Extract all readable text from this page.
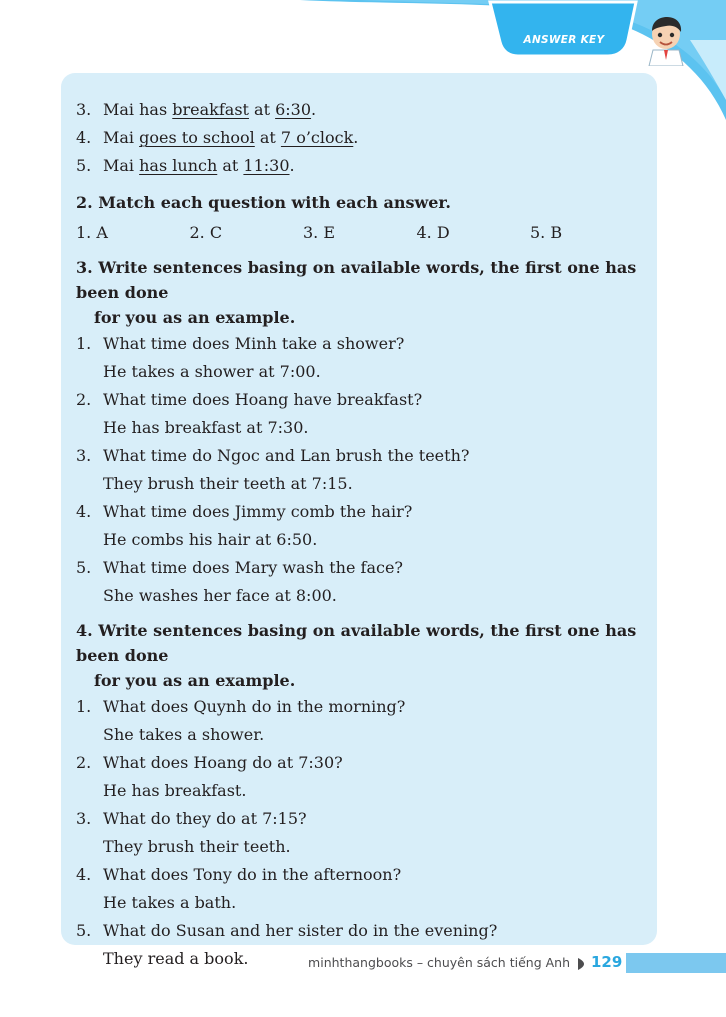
ANSWER KEY
3. Mai has breakfast at 6:30.
4. Mai goes to school at 7 o’clock.
5. Mai has lunch at 11:30.
2. Match each question with each answer.
1. A	2. C	3. E	4. D	5. B
3. Write sentences basing on available words, the first one has been done
for you as an example.
1. What time does Minh take a shower?
He takes a shower at 7:00.
2. What time does Hoang have breakfast?
He has breakfast at 7:30.
3. What time do Ngoc and Lan brush the teeth?
They brush their teeth at 7:15.
4. What time does Jimmy comb the hair?
He combs his hair at 6:50.
5. What time does Mary wash the face?
She washes her face at 8:00.
4. Write sentences basing on available words, the first one has been done
for you as an example.
1. What does Quynh do in the morning?
She takes a shower.
2. What does Hoang do at 7:30?
He has breakfast.
3. What do they do at 7:15?
They brush their teeth.
4. What does Tony do in the afternoon?
He takes a bath.
5. What do Susan and her sister do in the evening?
They read a book.	minhthangbooks – chuyên sách tiếng Anh 129
